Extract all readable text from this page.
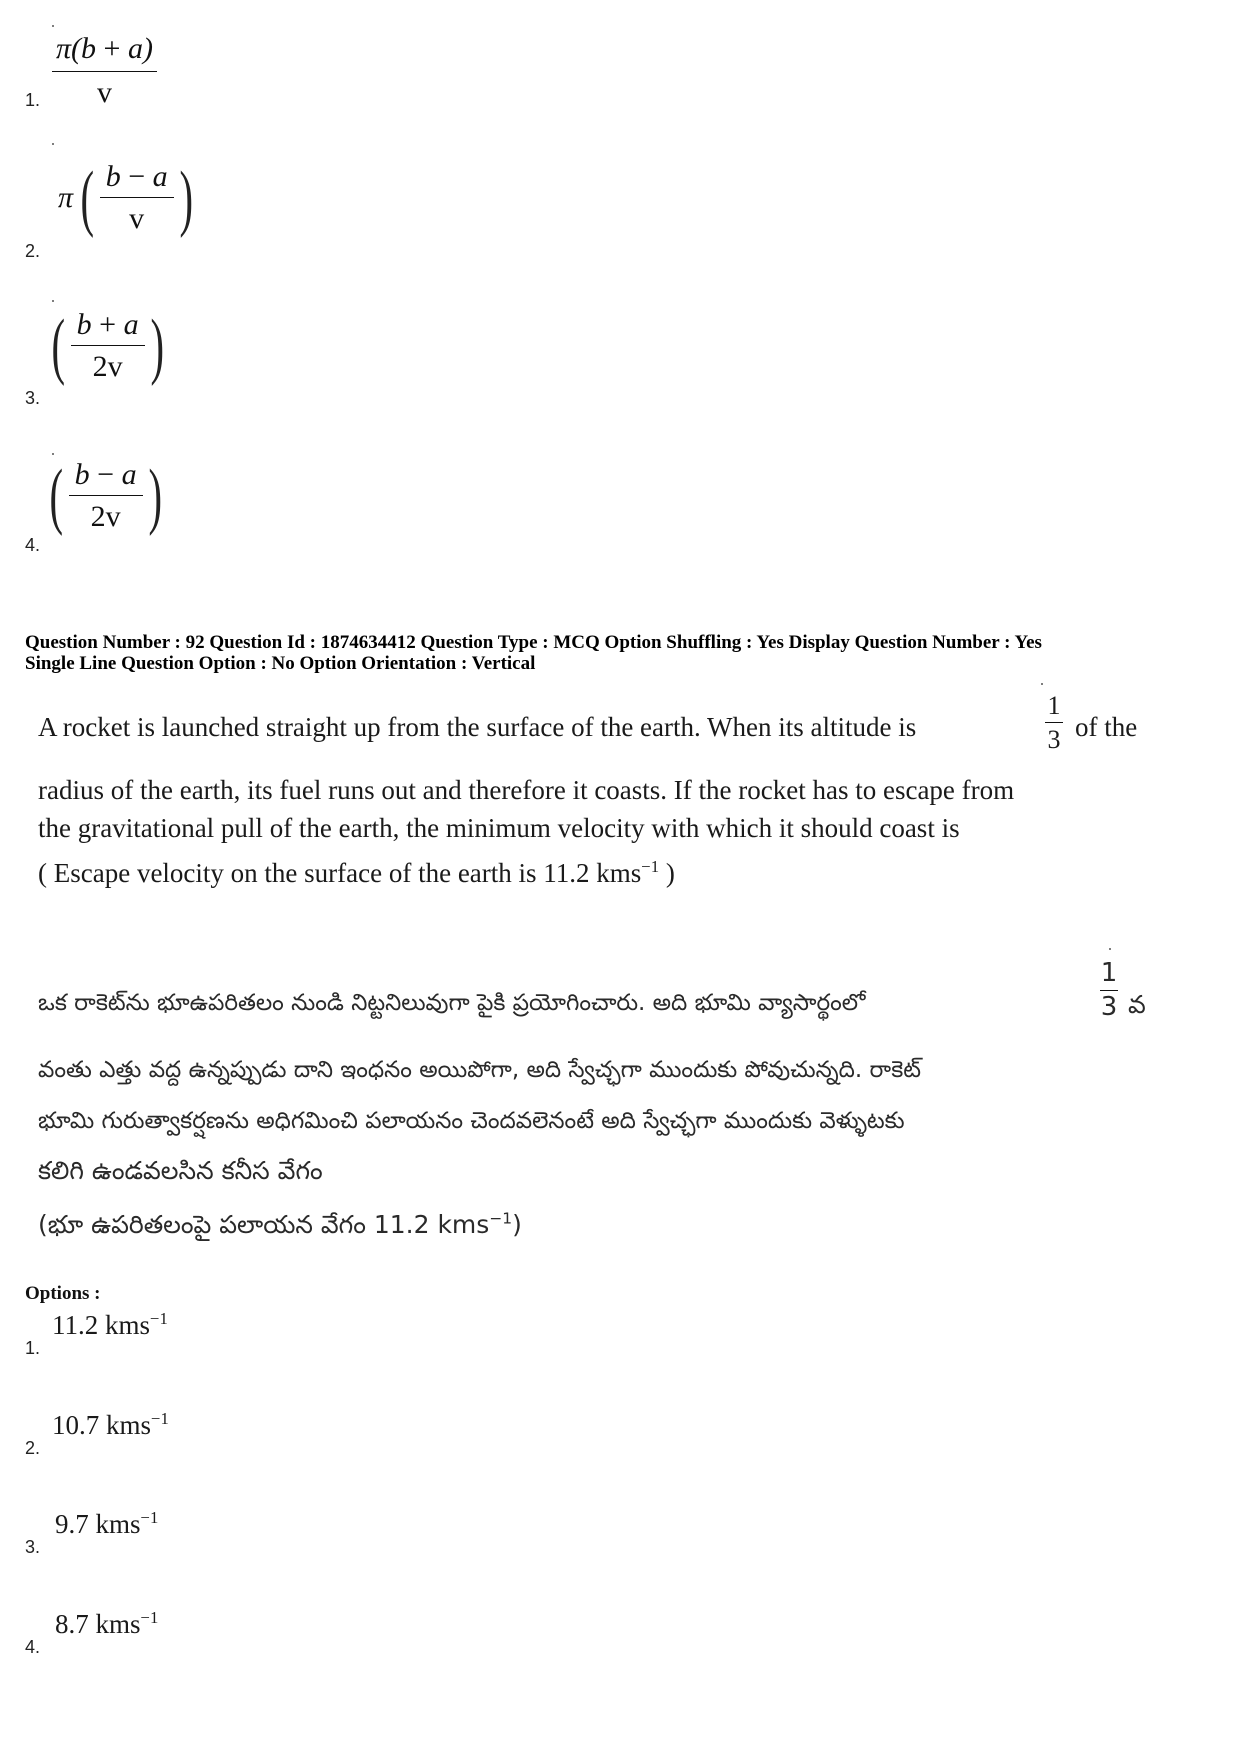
1. $\frac{\pi(b + a)}{v}$
2.
π ( $\frac{b - a}{v}$ )
3.
( $\frac{b + a}{2v}$ )
4.
( $\frac{b - a}{2v}$ )
Question Number : 92 Question Id : 1874634412 Question Type : MCQ Option Shuffling : Yes Display Question Number : Yes
Single Line Question Option : No Option Orientation : Vertical
A rocket is launched straight up from the surface of the earth. When its altitude is
1
3 of the
radius of the earth, its fuel runs out and therefore it coasts. If the rocket has to escape from
the gravitational pull of the earth, the minimum velocity with which it should coast is
( Escape velocity on the surface of the earth is 11.2 kms$^{-1}$ )
ఒక రాకెట్‌ను భూఉపరితలం నుండి నిట్టనిలువుగా పైకి ప్రయోగించారు. అది భూమి వ్యాసార్థంలో
1
3 వ
వంతు ఎత్తు వద్ద ఉన్నప్పుడు దాని ఇంధనం అయిపోగా, అది స్వేచ్ఛగా ముందుకు పోవుచున్నది. రాకెట్
భూమి గురుత్వాకర్షణను అధిగమించి పలాయనం చెందవలెనంటే అది స్వేచ్ఛగా ముందుకు వెళ్ళుటకు
కలిగి ఉండవలసిన కనీస వేగం
(భూ ఉపరితలంపై పలాయన వేగం 11.2 kms$^{-1}$)
Options :
1.
11.2 kms$^{-1}$
2.
10.7 kms$^{-1}$
3.
9.7 kms$^{-1}$
4.
8.7 kms$^{-1}$
